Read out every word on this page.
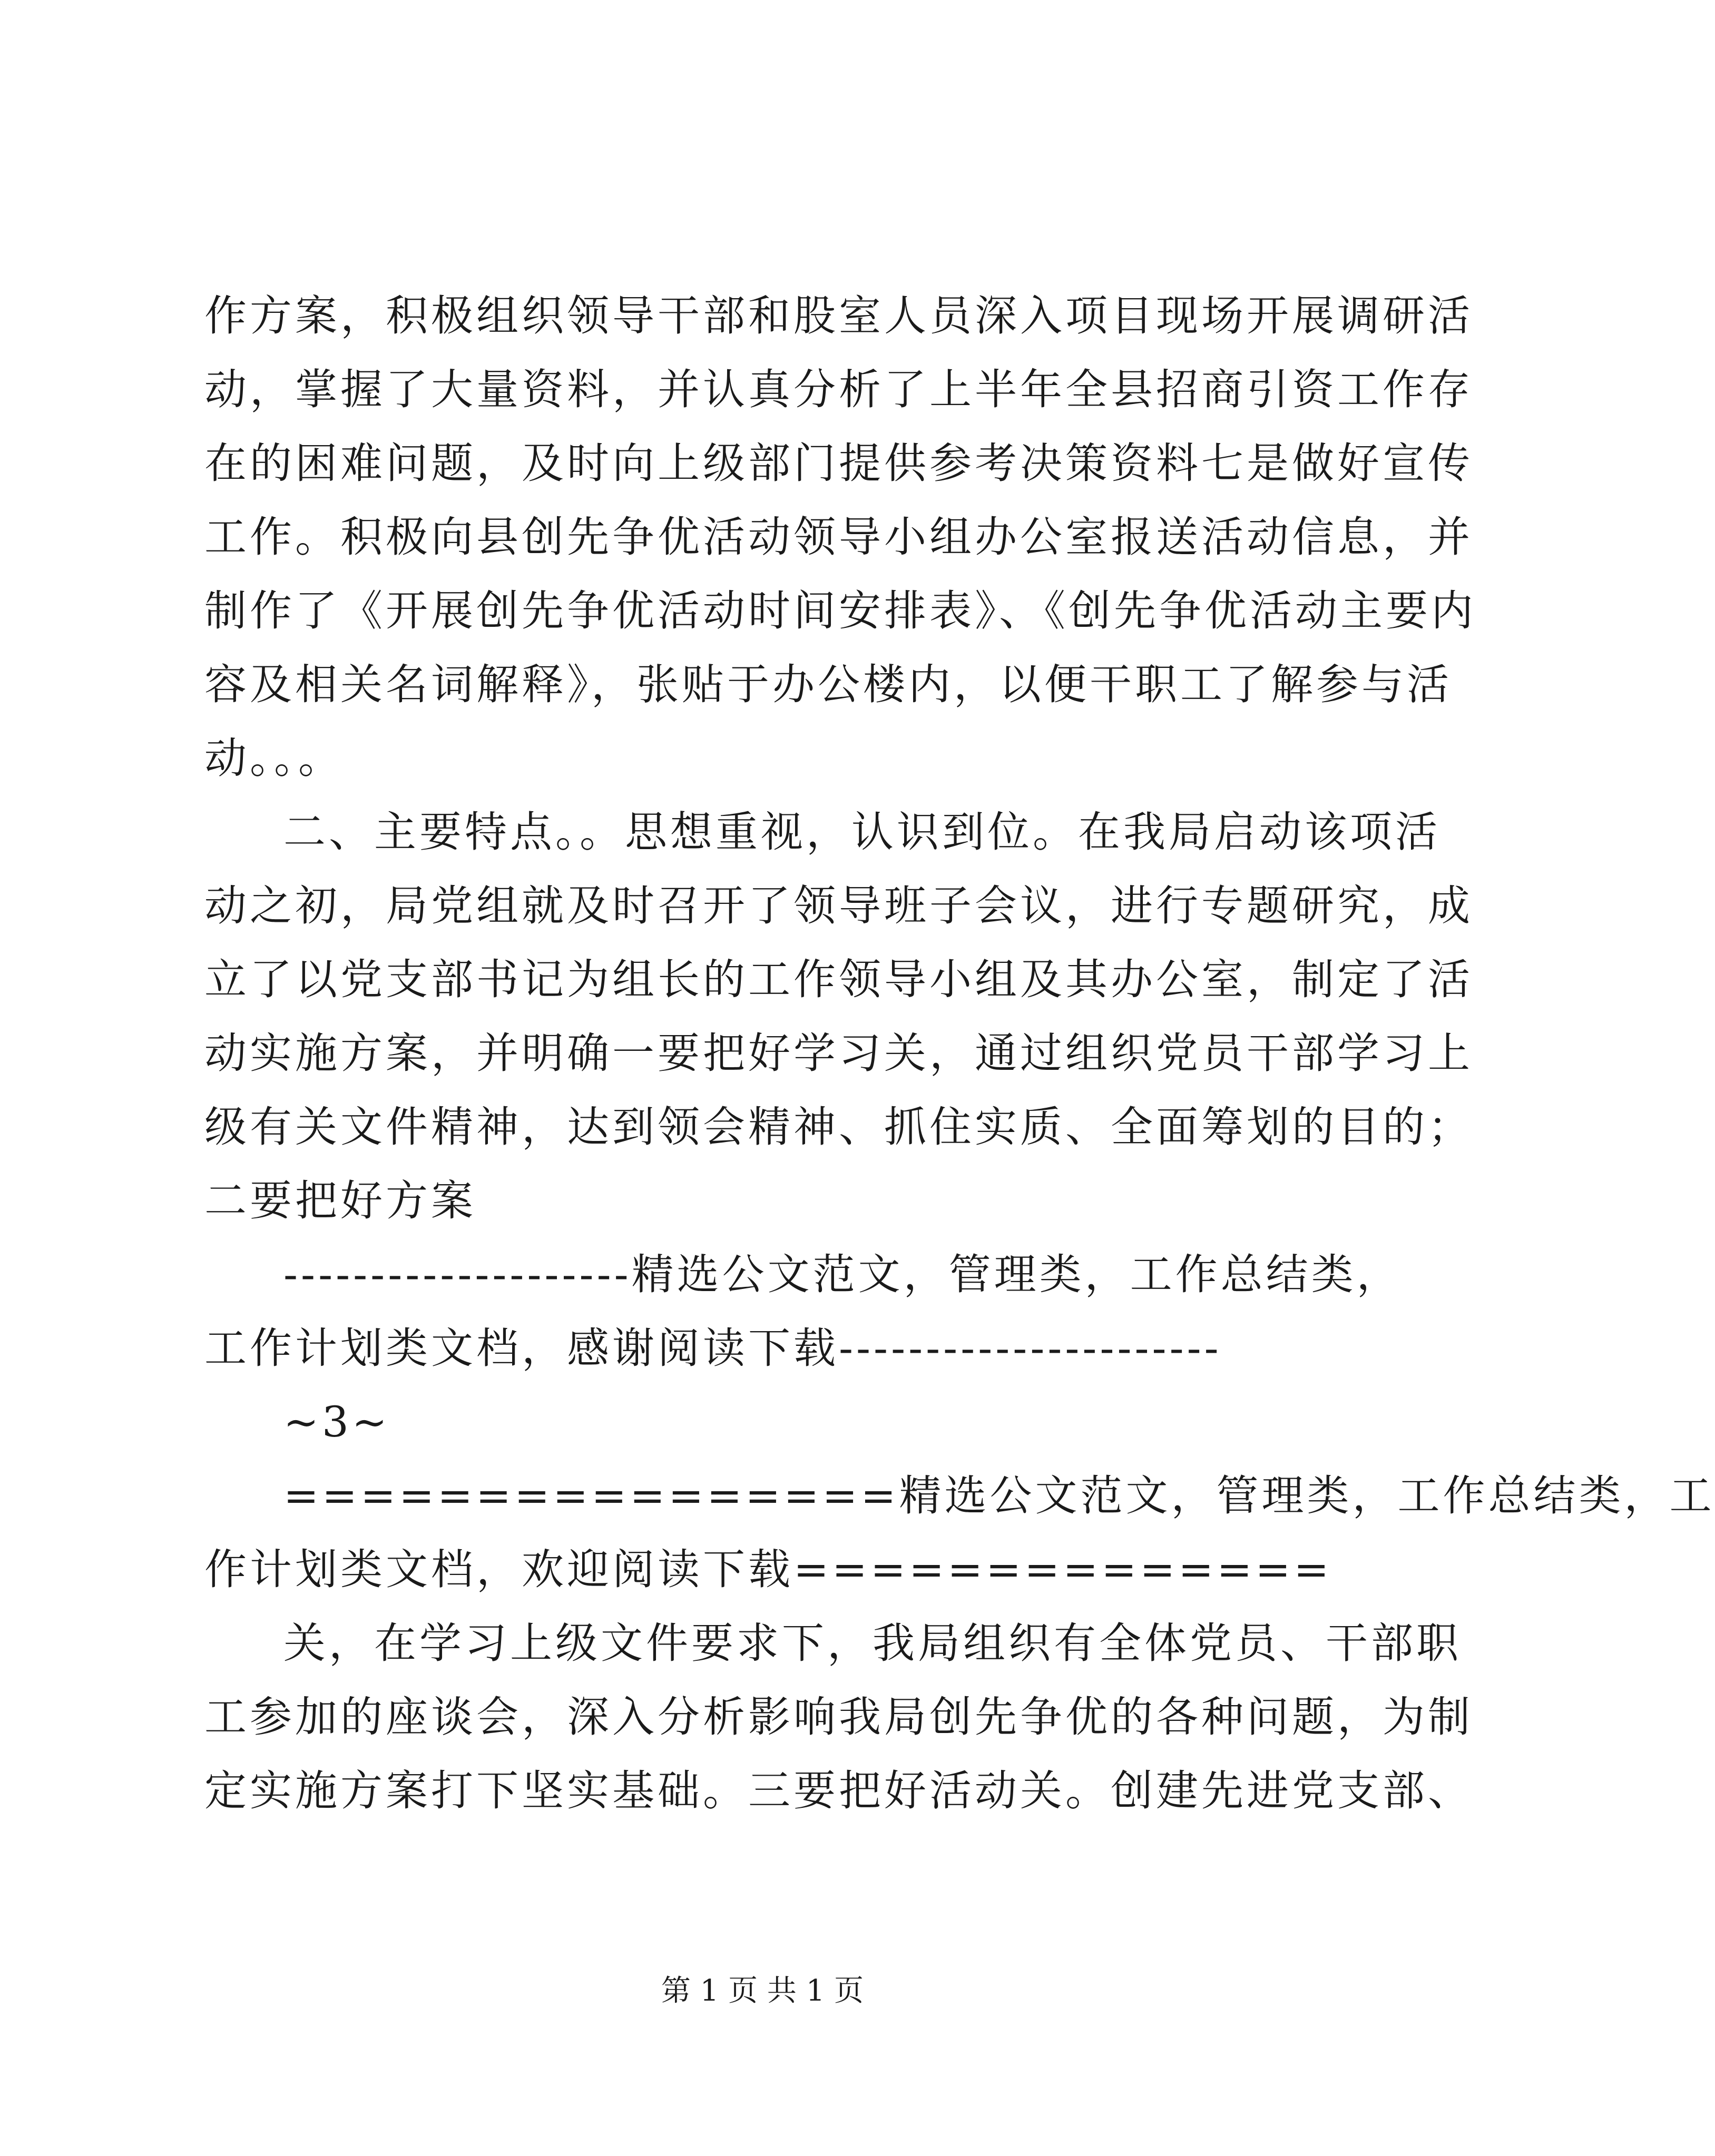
作方案，积极组织领导干部和股室人员深入项目现场开展调研活
动，掌握了大量资料，并认真分析了上半年全县招商引资工作存
在的困难问题，及时向上级部门提供参考决策资料七是做好宣传
工作。积极向县创先争优活动领导小组办公室报送活动信息，并
制作了《开展创先争优活动时间安排表》、《创先争优活动主要内
容及相关名词解释》，张贴于办公楼内，以便干职工了解参与活
动。。。
二、主要特点。。思想重视，认识到位。在我局启动该项活
动之初，局党组就及时召开了领导班子会议，进行专题研究，成
立了以党支部书记为组长的工作领导小组及其办公室，制定了活
动实施方案，并明确一要把好学习关，通过组织党员干部学习上
级有关文件精神，达到领会精神、抓住实质、全面筹划的目的；
二要把好方案
--------------------精选公文范文，管理类，工作总结类，
工作计划类文档，感谢阅读下载----------------------
~3~
================精选公文范文，管理类，工作总结类，工
作计划类文档，欢迎阅读下载==============
关，在学习上级文件要求下，我局组织有全体党员、干部职
工参加的座谈会，深入分析影响我局创先争优的各种问题，为制
定实施方案打下坚实基础。三要把好活动关。创建先进党支部、
第 1 页 共 1 页
